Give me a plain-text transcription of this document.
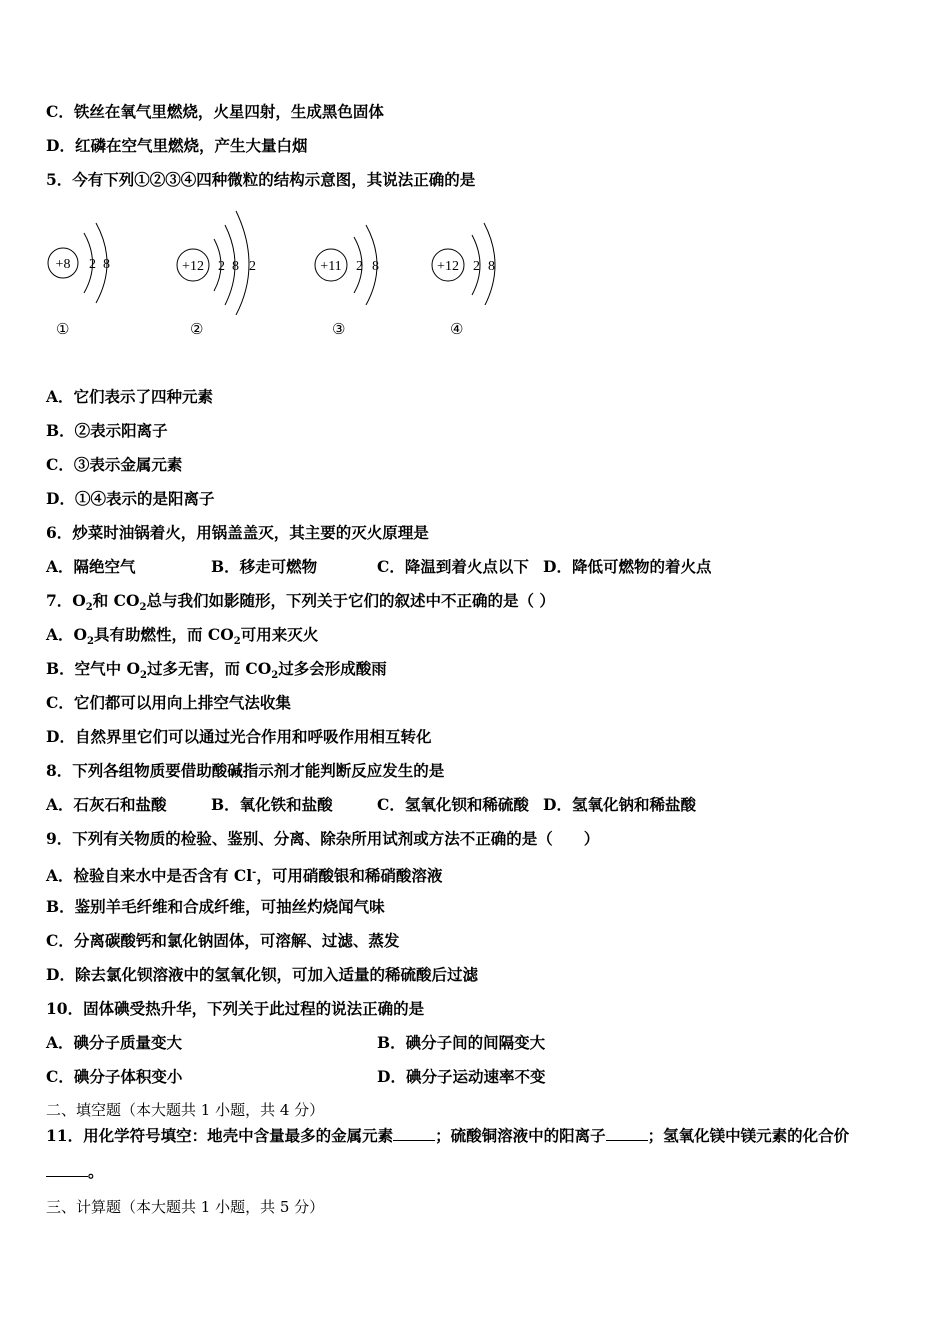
C．铁丝在氧气里燃烧，火星四射，生成黑色固体
D．红磷在空气里燃烧，产生大量白烟
5．今有下列①②③④四种微粒的结构示意图，其说法正确的是
+8 2 8
①
+12 2 8 2
②
+11 2 8
③
+12 2 8
④
A．它们表示了四种元素
B．②表示阳离子
C．③表示金属元素
D．①④表示的是阳离子
6．炒菜时油锅着火，用锅盖盖灭，其主要的灭火原理是
A．隔绝空气	B．移走可燃物	C．降温到着火点以下 D．降低可燃物的着火点
7．$O_2$和 $CO_2$总与我们如影随形，下列关于它们的叙述中不正确的是（ ）
A．$O_2$具有助燃性，而 $CO_2$可用来灭火
B．空气中 $O_2$过多无害，而 $CO_2$过多会形成酸雨
C．它们都可以用向上排空气法收集
D．自然界里它们可以通过光合作用和呼吸作用相互转化
8．下列各组物质要借助酸碱指示剂才能判断反应发生的是
A．石灰石和盐酸	B．氧化铁和盐酸	C．氢氧化钡和稀硫酸 D．氢氧化钠和稀盐酸
9．下列有关物质的检验、鉴别、分离、除杂所用试剂或方法不正确的是（　　）
A．检验自来水中是否含有 Cl-，可用硝酸银和稀硝酸溶液
B．鉴别羊毛纤维和合成纤维，可抽丝灼烧闻气味
C．分离碳酸钙和氯化钠固体，可溶解、过滤、蒸发
D．除去氯化钡溶液中的氢氧化钡，可加入适量的稀硫酸后过滤
10．固体碘受热升华，下列关于此过程的说法正确的是
A．碘分子质量变大	B．碘分子间的间隔变大
C．碘分子体积变小	D．碘分子运动速率不变
二、填空题（本大题共 1 小题，共 4 分）
11．用化学符号填空：地壳中含量最多的金属元素	；硫酸铜溶液中的阳离子	；氢氧化镁中镁元素的化合价
。
三、计算题（本大题共 1 小题，共 5 分）
